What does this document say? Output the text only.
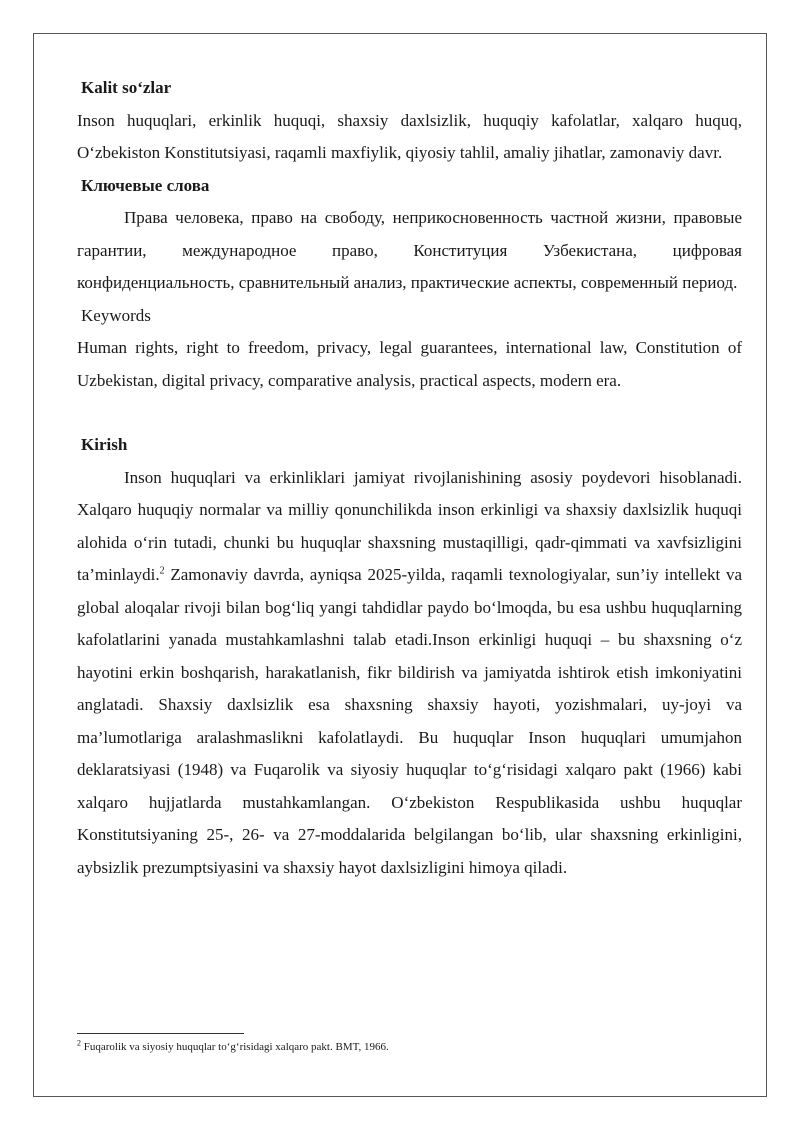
Kalit so‘zlar

Inson huquqlari, erkinlik huquqi, shaxsiy daxlsizlik, huquqiy kafolatlar, xalqaro huquq, O‘zbekiston Konstitutsiyasi, raqamli maxfiylik, qiyosiy tahlil, amaliy jihatlar, zamonaviy davr.

Ключевые слова

Права человека, право на свободу, неприкосновенность частной жизни, правовые гарантии, международное право, Конституция Узбекистана, цифровая конфиденциальность, сравнительный анализ, практические аспекты, современный период.

Keywords

Human rights, right to freedom, privacy, legal guarantees, international law, Constitution of Uzbekistan, digital privacy, comparative analysis, practical aspects, modern era.

Kirish

Inson huquqlari va erkinliklari jamiyat rivojlanishining asosiy poydevori hisoblanadi. Xalqaro huquqiy normalar va milliy qonunchilikda inson erkinligi va shaxsiy daxlsizlik huquqi alohida o‘rin tutadi, chunki bu huquqlar shaxsning mustaqilligi, qadr-qimmati va xavfsizligini ta’minlaydi.$^2$ Zamonaviy davrda, ayniqsa 2025-yilda, raqamli texnologiyalar, sun’iy intellekt va global aloqalar rivoji bilan bog‘liq yangi tahdidlar paydo bo‘lmoqda, bu esa ushbu huquqlarning kafolatlarini yanada mustahkamlashni talab etadi.Inson erkinligi huquqi – bu shaxsning o‘z hayotini erkin boshqarish, harakatlanish, fikr bildirish va jamiyatda ishtirok etish imkoniyatini anglatadi. Shaxsiy daxlsizlik esa shaxsning shaxsiy hayoti, yozishmalari, uy-joyi va ma’lumotlariga aralashmaslikni kafolatlaydi. Bu huquqlar Inson huquqlari umumjahon deklaratsiyasi (1948) va Fuqarolik va siyosiy huquqlar to‘g‘risidagi xalqaro pakt (1966) kabi xalqaro hujjatlarda mustahkamlangan. O‘zbekiston Respublikasida ushbu huquqlar Konstitutsiyaning 25-, 26- va 27-moddalarida belgilangan bo‘lib, ular shaxsning erkinligini, aybsizlik prezumptsiyasini va shaxsiy hayot daxlsizligini himoya qiladi.

$^2$ Fuqarolik va siyosiy huquqlar to‘g‘risidagi xalqaro pakt. BMT, 1966.
